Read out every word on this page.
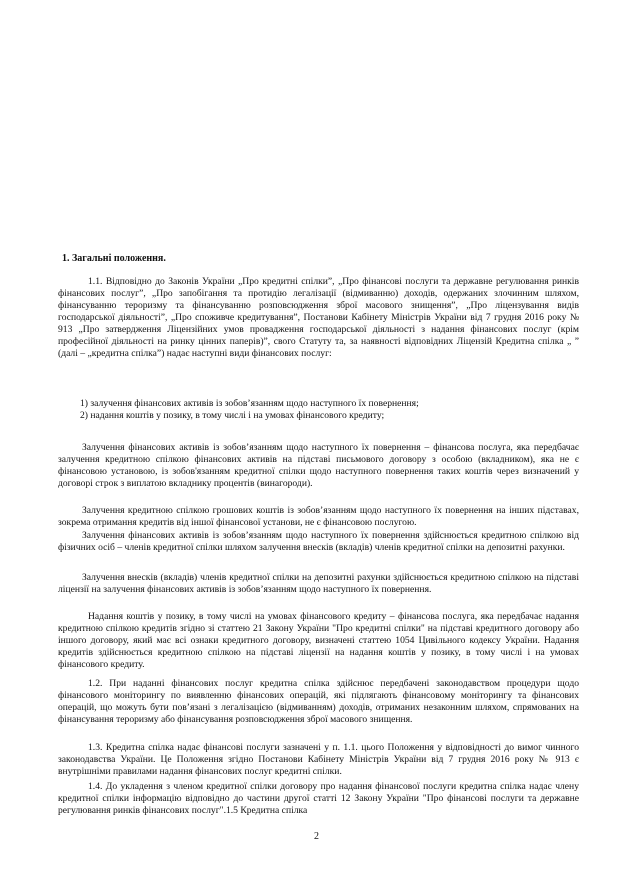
1. Загальні положення.

1.1. Відповідно до Законів України „Про кредитні спілки”, „Про фінансові послуги та державне регулювання ринків фінансових послуг”, „Про запобігання та протидію легалізації (відмиванню) доходів, одержаних злочинним шляхом, фінансуванню тероризму та фінансуванню розповсюдження зброї масового знищення”, „Про ліцензування видів господарської діяльності”, „Про споживче кредитування”, Постанови Кабінету Міністрів України від 7 грудня 2016 року № 913 „Про затвердження Ліцензійних умов провадження господарської діяльності з надання фінансових послуг (крім професійної діяльності на ринку цінних паперів)”, свого Статуту та, за наявності відповідних Ліцензій Кредитна спілка „ ” (далі – „кредитна спілка”) надає наступні види фінансових послуг:

1) залучення фінансових активів із зобов’язанням щодо наступного їх повернення;

2) надання коштів у позику, в тому числі і на умовах фінансового кредиту;

Залучення фінансових активів із зобов’язанням щодо наступного їх повернення – фінансова послуга, яка передбачає залучення кредитною спілкою фінансових активів на підставі письмового договору з особою (вкладником), яка не є фінансовою установою, із зобов'язанням кредитної спілки щодо наступного повернення таких коштів через визначений у договорі строк з виплатою вкладнику процентів (винагороди).

Залучення кредитною спілкою грошових коштів із зобов’язанням щодо наступного їх повернення на інших підставах, зокрема отримання кредитів від іншої фінансової установи, не є фінансовою послугою.

Залучення фінансових активів із зобов’язанням щодо наступного їх повернення здійснюється кредитною спілкою від фізичних осіб – членів кредитної спілки шляхом залучення внесків (вкладів) членів кредитної спілки на депозитні рахунки.

Залучення внесків (вкладів) членів кредитної спілки на депозитні рахунки здійснюється кредитною спілкою на підставі ліцензії на залучення фінансових активів із зобов’язанням щодо наступного їх повернення.

Надання коштів у позику, в тому числі на умовах фінансового кредиту – фінансова послуга, яка передбачає надання кредитною спілкою кредитів згідно зі статтею 21 Закону України "Про кредитні спілки" на підставі кредитного договору або іншого договору, який має всі ознаки кредитного договору, визначені статтею 1054 Цивільного кодексу України. Надання кредитів здійснюється кредитною спілкою на підставі ліцензії на надання коштів у позику, в тому числі і на умовах фінансового кредиту.

1.2. При наданні фінансових послуг кредитна спілка здійснює передбачені законодавством процедури щодо фінансового моніторингу по виявленню фінансових операцій, які підлягають фінансовому моніторингу та фінансових операцій, що можуть бути пов’язані з легалізацією (відмиванням) доходів, отриманих незаконним шляхом, спрямованих на фінансування тероризму або фінансування розповсюдження зброї масового знищення.

1.3. Кредитна спілка надає фінансові послуги зазначені у п. 1.1. цього Положення у відповідності до вимог чинного законодавства України. Це Положення згідно Постанови Кабінету Міністрів України від 7 грудня 2016 року № 913 є внутрішніми правилами надання фінансових послуг кредитні спілки.

1.4. До укладення з членом кредитної спілки договору про надання фінансової послуги кредитна спілка надає члену кредитної спілки інформацію відповідно до частини другої статті 12 Закону України "Про фінансові послуги та державне регулювання ринків фінансових послуг".1.5 Кредитна спілка

2
